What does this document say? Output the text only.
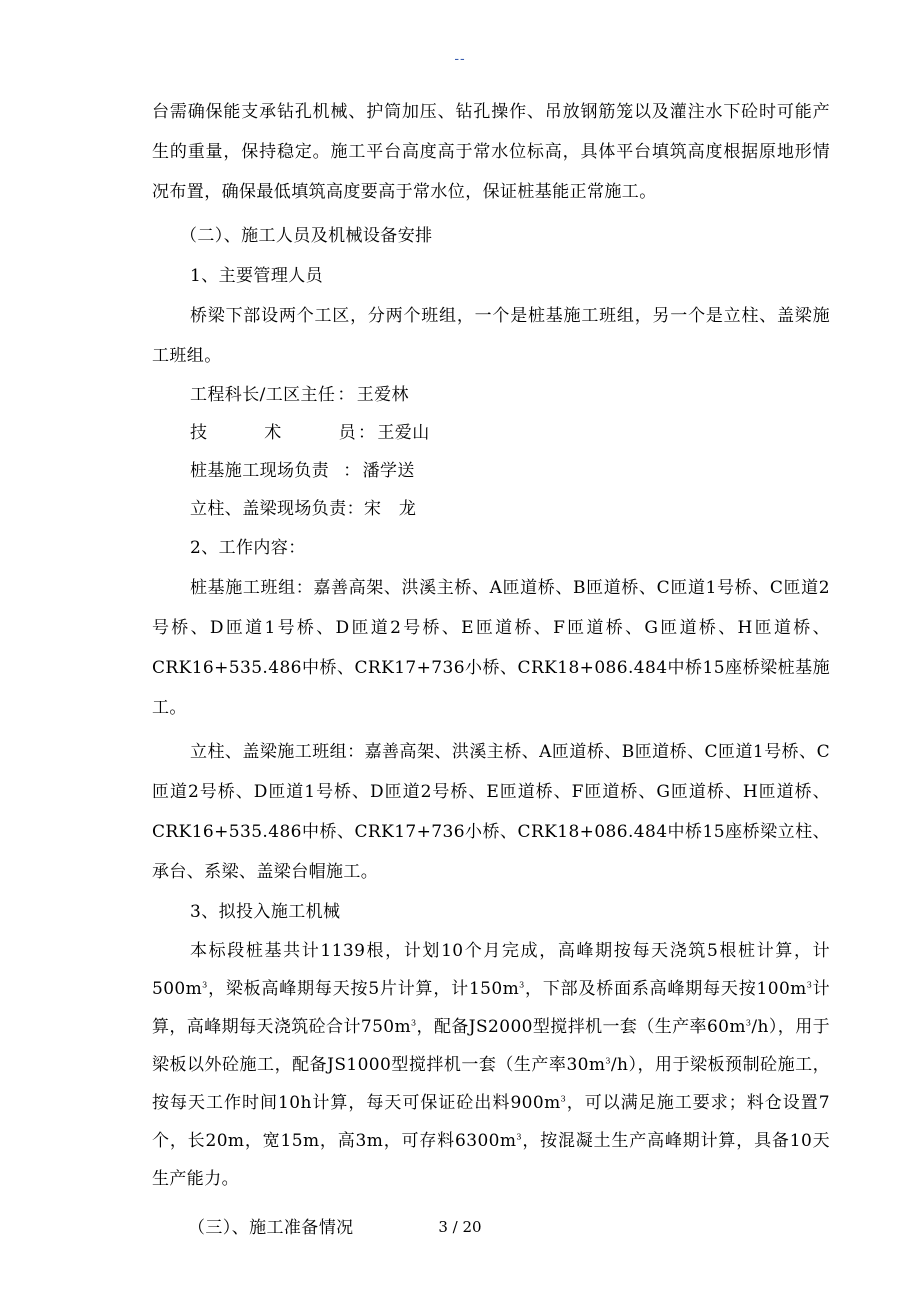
--

台需确保能支承钻孔机械、护筒加压、钻孔操作、吊放钢筋笼以及灌注水下砼时可能产生的重量，保持稳定。施工平台高度高于常水位标高，具体平台填筑高度根据原地形情况布置，确保最低填筑高度要高于常水位，保证桩基能正常施工。

（二）、施工人员及机械设备安排

1、主要管理人员

桥梁下部设两个工区，分两个班组，一个是桩基施工班组，另一个是立柱、盖梁施工班组。

工程科长/工区主任 ： 王爱林

技	术	员 ： 王爱山

桩基施工现场负责 ： 潘学送

立柱、盖梁现场负责 ： 宋　龙

2、工作内容：

桩基施工班组：嘉善高架、洪溪主桥、A匝道桥、B匝道桥、C匝道1号桥、C匝道2号桥、D匝道1号桥、D匝道2号桥、E匝道桥、F匝道桥、G匝道桥、H匝道桥、CRK16+535.486中桥、CRK17+736小桥、CRK18+086.484中桥15座桥梁桩基施工。

立柱、盖梁施工班组：嘉善高架、洪溪主桥、A匝道桥、B匝道桥、C匝道1号桥、C匝道2号桥、D匝道1号桥、D匝道2号桥、E匝道桥、F匝道桥、G匝道桥、H匝道桥、CRK16+535.486中桥、CRK17+736小桥、CRK18+086.484中桥15座桥梁立柱、承台、系梁、盖梁台帽施工。

3、拟投入施工机械

本标段桩基共计1139根，计划10个月完成，高峰期按每天浇筑5根桩计算，计$500m^3$，梁板高峰期每天按5片计算，计$150m^3$，下部及桥面系高峰期每天按$100m^3$计算，高峰期每天浇筑砼合计$750m^3$，配备JS2000型搅拌机一套（生产率$60m^3/h$），用于梁板以外砼施工，配备JS1000型搅拌机一套（生产率$30m^3/h$），用于梁板预制砼施工，按每天工作时间10h计算，每天可保证砼出料$900m^3$，可以满足施工要求；料仓设置7个，长20m，宽15m，高3m，可存料$6300m^3$，按混凝土生产高峰期计算，具备10天生产能力。

（三）、施工准备情况	3 / 20
